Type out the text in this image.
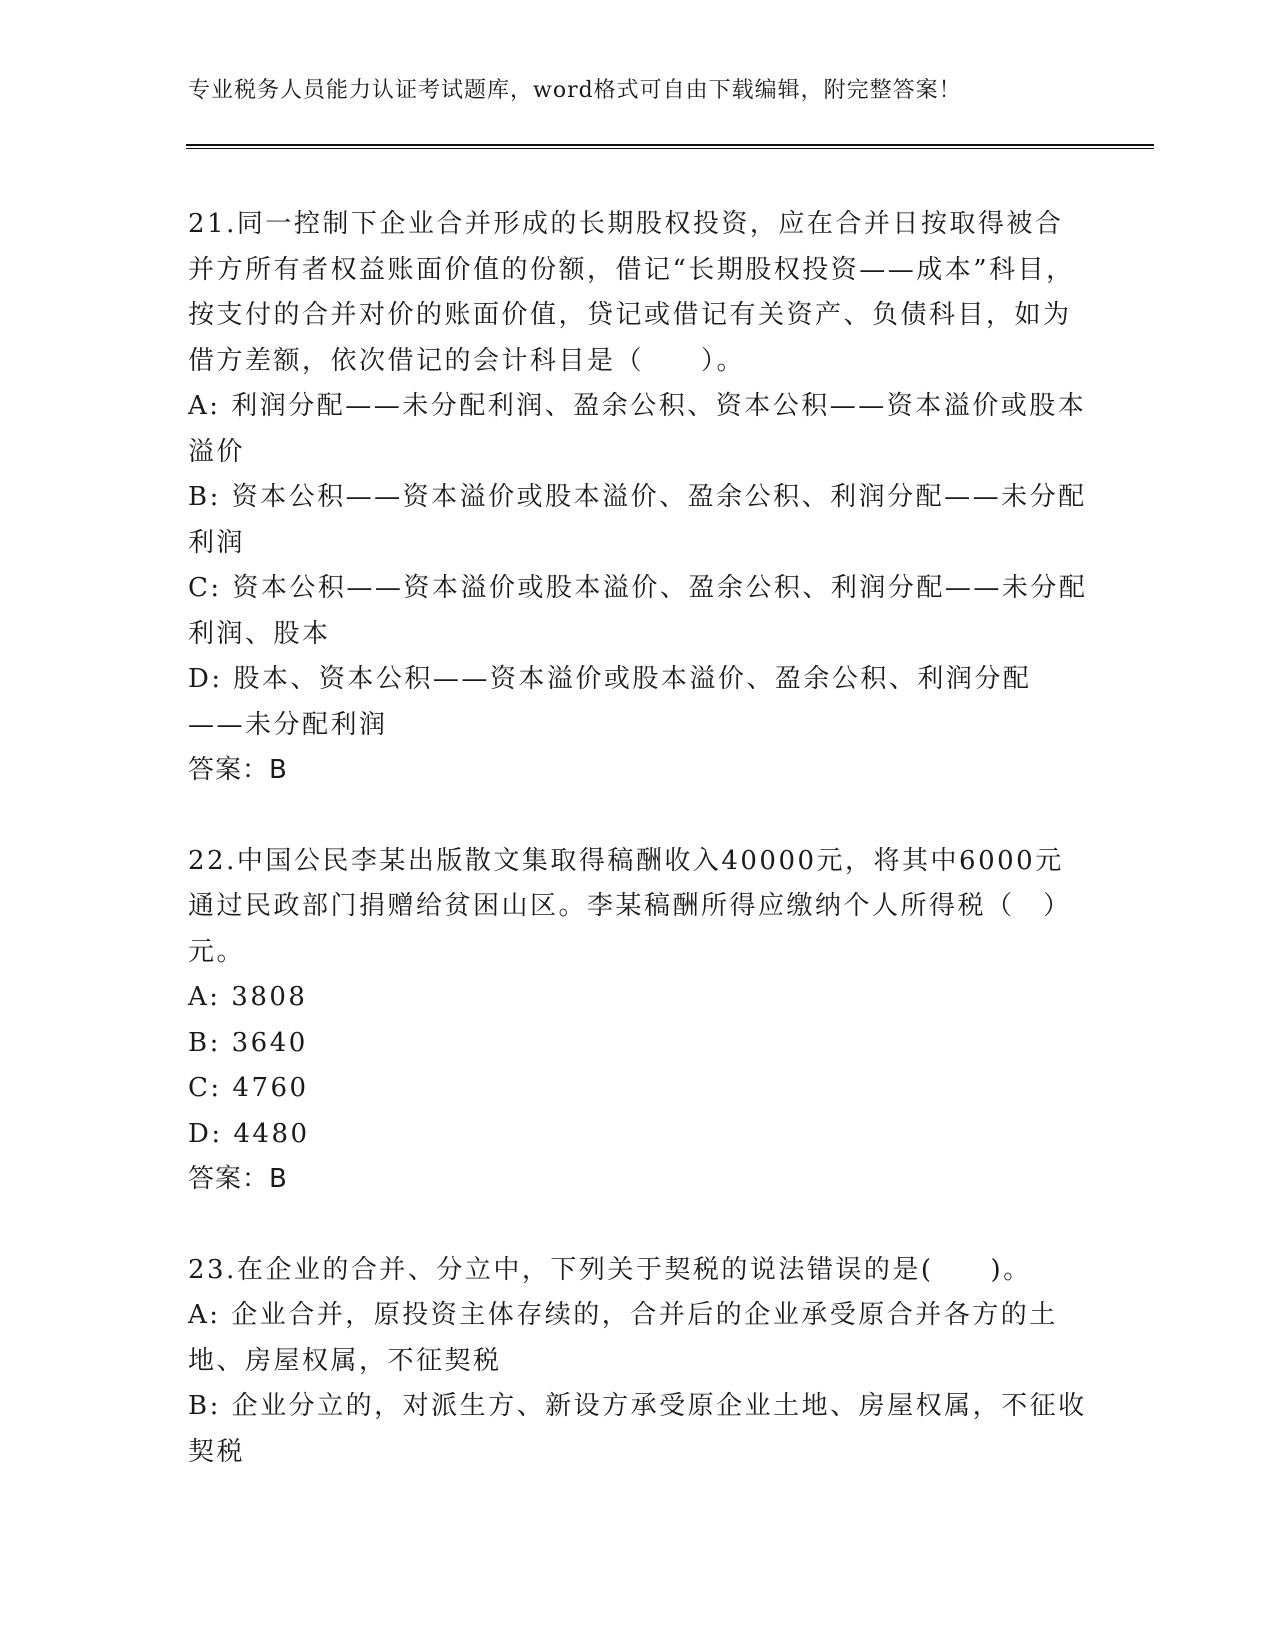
专业税务人员能力认证考试题库，word格式可自由下载编辑，附完整答案！
21.同一控制下企业合并形成的长期股权投资，应在合并日按取得被合并方所有者权益账面价值的份额，借记“长期股权投资——成本”科目，按支付的合并对价的账面价值，贷记或借记有关资产、负债科目，如为借方差额，依次借记的会计科目是（　　）。
A: 利润分配——未分配利润、盈余公积、资本公积——资本溢价或股本溢价
B: 资本公积——资本溢价或股本溢价、盈余公积、利润分配——未分配利润
C: 资本公积——资本溢价或股本溢价、盈余公积、利润分配——未分配利润、股本
D: 股本、资本公积——资本溢价或股本溢价、盈余公积、利润分配——未分配利润
答案：B
22.中国公民李某出版散文集取得稿酬收入40000元，将其中6000元通过民政部门捐赠给贫困山区。李某稿酬所得应缴纳个人所得税（　）元。
A: 3808
B: 3640
C: 4760
D: 4480
答案：B
23.在企业的合并、分立中，下列关于契税的说法错误的是(　　)。
A: 企业合并，原投资主体存续的，合并后的企业承受原合并各方的土地、房屋权属，不征契税
B: 企业分立的，对派生方、新设方承受原企业土地、房屋权属，不征收契税
